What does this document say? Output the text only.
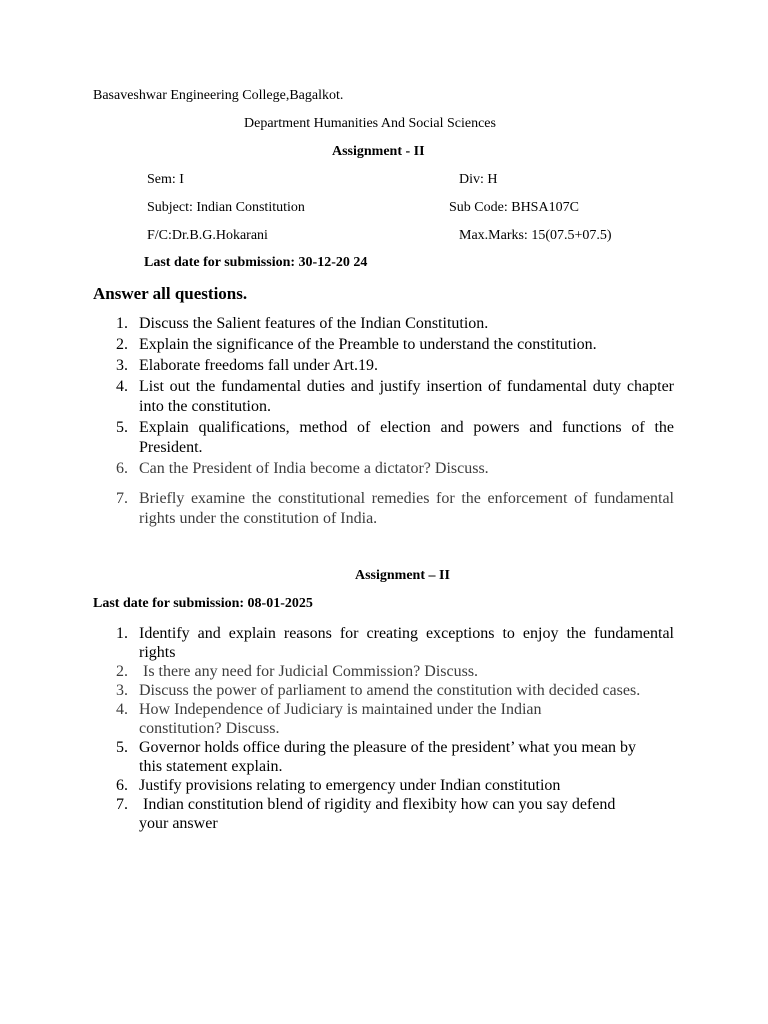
Basaveshwar Engineering College,Bagalkot.
Department Humanities And Social Sciences
Assignment - II
Sem: I	Div: H
Subject: Indian Constitution	Sub Code: BHSA107C
F/C:Dr.B.G.Hokarani	Max.Marks: 15(07.5+07.5)
Last date for submission: 30-12-20 24
Answer all questions.
1. Discuss the Salient features of the Indian Constitution.
2. Explain the significance of the Preamble to understand the constitution.
3. Elaborate freedoms fall under Art.19.
4. List out the fundamental duties and justify insertion of fundamental duty chapter into the constitution.
5. Explain qualifications, method of election and powers and functions of the President.
6. Can the President of India become a dictator? Discuss.
7. Briefly examine the constitutional remedies for the enforcement of fundamental rights under the constitution of India.
Assignment – II
Last date for submission: 08-01-2025
1. Identify and explain reasons for creating exceptions to enjoy the fundamental rights
2. Is there any need for Judicial Commission? Discuss.
3. Discuss the power of parliament to amend the constitution with decided cases.
4. How Independence of Judiciary is maintained under the Indian constitution? Discuss.
5. Governor holds office during the pleasure of the president’ what you mean by this statement explain.
6. Justify provisions relating to emergency under Indian constitution
7. Indian constitution blend of rigidity and flexibity how can you say defend your answer
